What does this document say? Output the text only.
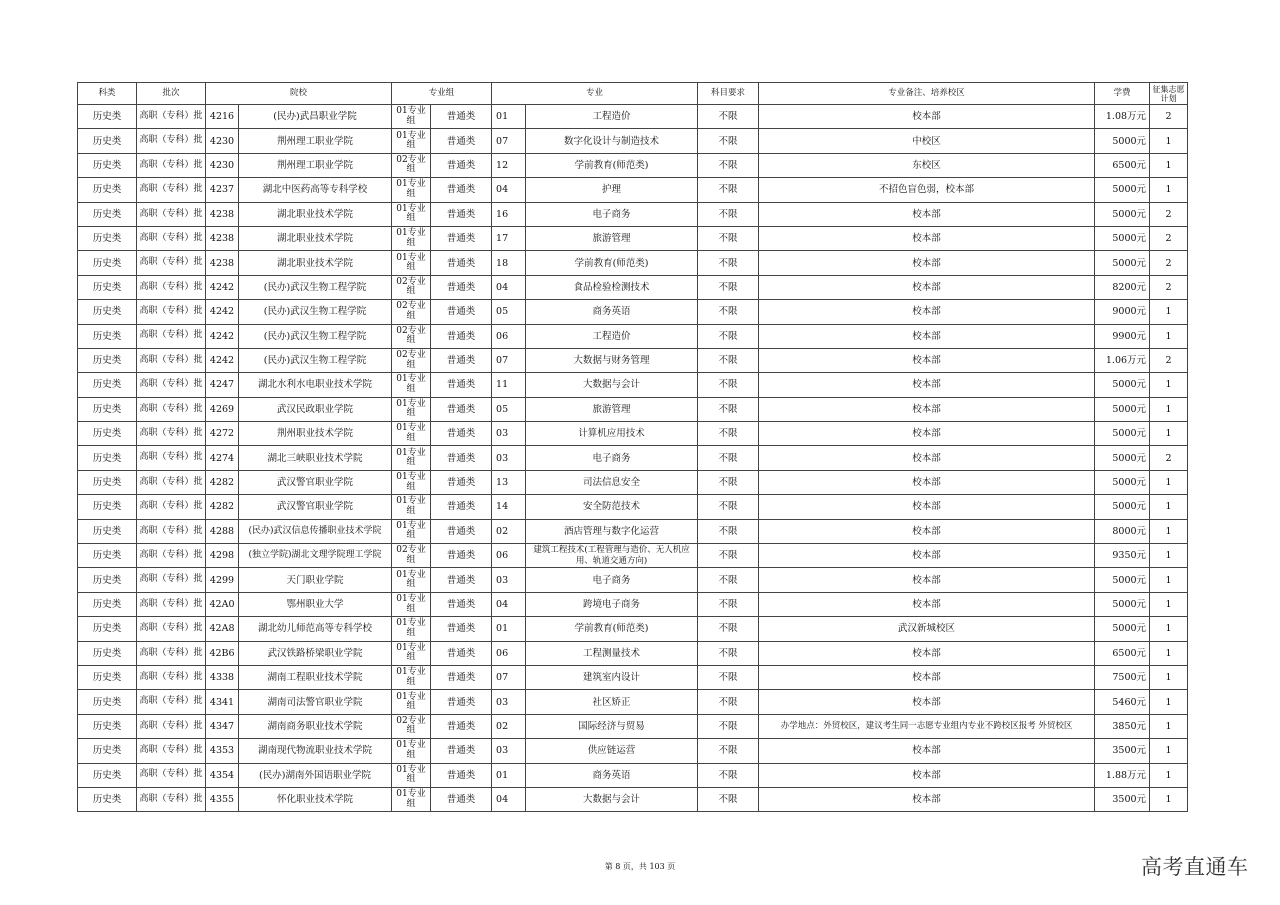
科类	批次	院校		专业组		专业		科目要求	专业备注、培养校区	学费	征集志愿计划
历史类	高职（专科）批	4216	(民办)武昌职业学院	01专业组	普通类	01	工程造价	不限	校本部	1.08万元	2
历史类	高职（专科）批	4230	荆州理工职业学院	01专业组	普通类	07	数字化设计与制造技术	不限	中校区	5000元	1
历史类	高职（专科）批	4230	荆州理工职业学院	02专业组	普通类	12	学前教育(师范类)	不限	东校区	6500元	1
历史类	高职（专科）批	4237	湖北中医药高等专科学校	01专业组	普通类	04	护理	不限	不招色盲色弱，校本部	5000元	1
历史类	高职（专科）批	4238	湖北职业技术学院	01专业组	普通类	16	电子商务	不限	校本部	5000元	2
历史类	高职（专科）批	4238	湖北职业技术学院	01专业组	普通类	17	旅游管理	不限	校本部	5000元	2
历史类	高职（专科）批	4238	湖北职业技术学院	01专业组	普通类	18	学前教育(师范类)	不限	校本部	5000元	2
历史类	高职（专科）批	4242	(民办)武汉生物工程学院	02专业组	普通类	04	食品检验检测技术	不限	校本部	8200元	2
历史类	高职（专科）批	4242	(民办)武汉生物工程学院	02专业组	普通类	05	商务英语	不限	校本部	9000元	1
历史类	高职（专科）批	4242	(民办)武汉生物工程学院	02专业组	普通类	06	工程造价	不限	校本部	9900元	1
历史类	高职（专科）批	4242	(民办)武汉生物工程学院	02专业组	普通类	07	大数据与财务管理	不限	校本部	1.06万元	2
历史类	高职（专科）批	4247	湖北水利水电职业技术学院	01专业组	普通类	11	大数据与会计	不限	校本部	5000元	1
历史类	高职（专科）批	4269	武汉民政职业学院	01专业组	普通类	05	旅游管理	不限	校本部	5000元	1
历史类	高职（专科）批	4272	荆州职业技术学院	01专业组	普通类	03	计算机应用技术	不限	校本部	5000元	1
历史类	高职（专科）批	4274	湖北三峡职业技术学院	01专业组	普通类	03	电子商务	不限	校本部	5000元	2
历史类	高职（专科）批	4282	武汉警官职业学院	01专业组	普通类	13	司法信息安全	不限	校本部	5000元	1
历史类	高职（专科）批	4282	武汉警官职业学院	01专业组	普通类	14	安全防范技术	不限	校本部	5000元	1
历史类	高职（专科）批	4288	(民办)武汉信息传播职业技术学院	01专业组	普通类	02	酒店管理与数字化运营	不限	校本部	8000元	1
历史类	高职（专科）批	4298	(独立学院)湖北文理学院理工学院	02专业组	普通类	06	建筑工程技术(工程管理与造价、无人机应用、轨道交通方向)	不限	校本部	9350元	1
历史类	高职（专科）批	4299	天门职业学院	01专业组	普通类	03	电子商务	不限	校本部	5000元	1
历史类	高职（专科）批	42A0	鄂州职业大学	01专业组	普通类	04	跨境电子商务	不限	校本部	5000元	1
历史类	高职（专科）批	42A8	湖北幼儿师范高等专科学校	01专业组	普通类	01	学前教育(师范类)	不限	武汉新城校区	5000元	1
历史类	高职（专科）批	42B6	武汉铁路桥梁职业学院	01专业组	普通类	06	工程测量技术	不限	校本部	6500元	1
历史类	高职（专科）批	4338	湖南工程职业技术学院	01专业组	普通类	07	建筑室内设计	不限	校本部	7500元	1
历史类	高职（专科）批	4341	湖南司法警官职业学院	01专业组	普通类	03	社区矫正	不限	校本部	5460元	1
历史类	高职（专科）批	4347	湖南商务职业技术学院	02专业组	普通类	02	国际经济与贸易	不限	办学地点：外贸校区，建议考生同一志愿专业组内专业不跨校区报考 外贸校区	3850元	1
历史类	高职（专科）批	4353	湖南现代物流职业技术学院	01专业组	普通类	03	供应链运营	不限	校本部	3500元	1
历史类	高职（专科）批	4354	(民办)湖南外国语职业学院	01专业组	普通类	01	商务英语	不限	校本部	1.88万元	1
历史类	高职（专科）批	4355	怀化职业技术学院	01专业组	普通类	04	大数据与会计	不限	校本部	3500元	1
第 8 页，共 103 页	高考直通车
